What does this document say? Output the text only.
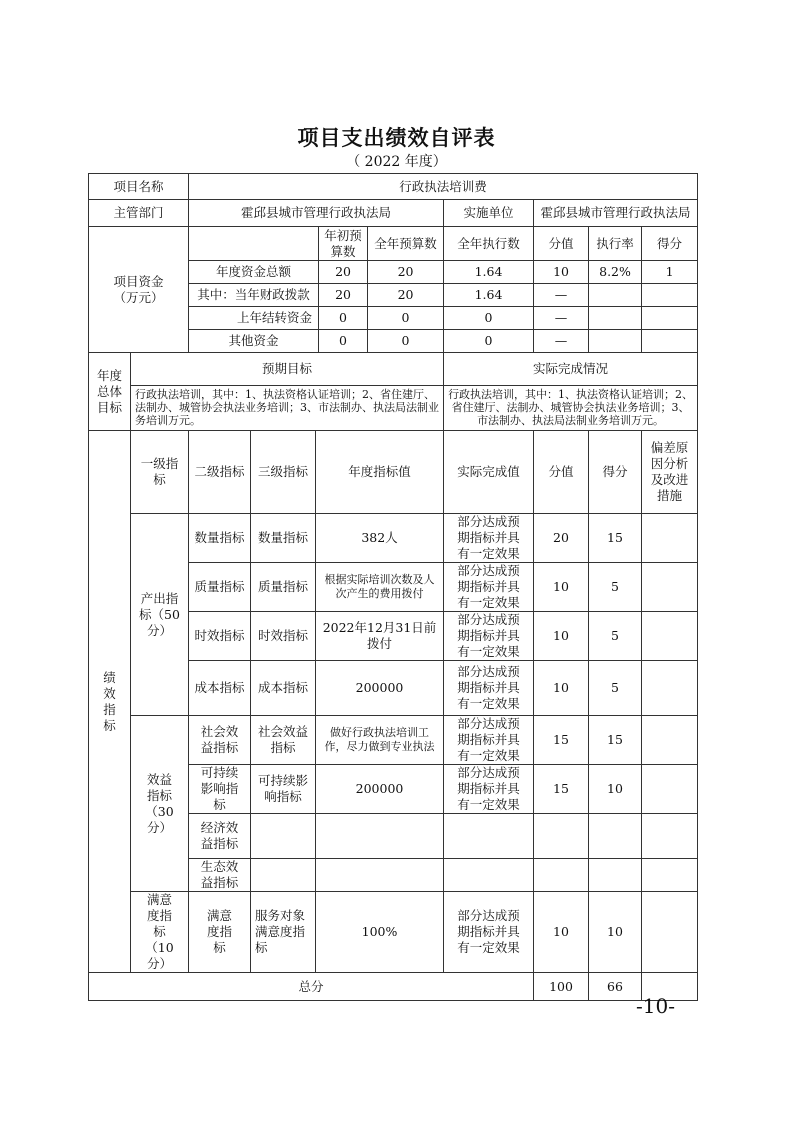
项目支出绩效自评表
（ 2022 年度）
项目名称		行政执法培训费						
主管部门		霍邱县城市管理行政执法局			实施单位	霍邱县城市管理行政执法局		
项目资金（万元）			年初预算数	全年预算数	全年执行数	分值	执行率	得分
		年度资金总额	20	20	1.64	10	8.2%	1
		其中：当年财政拨款	20	20	1.64	—		
		上年结转资金	0	0	0	—		
		其他资金	0	0	0	—		
年度总体目标	预期目标				实际完成情况			
	行政执法培训，其中：1、执法资格认证培训；2、省住建厅、法制办、城管协会执法业务培训；3、市法制办、执法局法制业务培训万元。				行政执法培训，其中：1、执法资格认证培训；2、省住建厅、法制办、城管协会执法业务培训；3、市法制办、执法局法制业务培训万元。			
绩效指标	一级指标	二级指标	三级指标	年度指标值	实际完成值	分值	得分	偏差原因分析及改进措施
	产出指标（50分）	数量指标	数量指标	382人	部分达成预期指标并具有一定效果	20	15	
		质量指标	质量指标	根据实际培训次数及人次产生的费用拨付	部分达成预期指标并具有一定效果	10	5	
		时效指标	时效指标	2022年12月31日前拨付	部分达成预期指标并具有一定效果	10	5	
		成本指标	成本指标	200000	部分达成预期指标并具有一定效果	10	5	
	效益指标（30分）	社会效益指标	社会效益指标	做好行政执法培训工作，尽力做到专业执法	部分达成预期指标并具有一定效果	15	15	
		可持续影响指标	可持续影响指标	200000	部分达成预期指标并具有一定效果	15	10	
		经济效益指标						
		生态效益指标						
	满意度指标（10分）	满意度指标	服务对象满意度指标	100%	部分达成预期指标并具有一定效果	10	10	
总分						100	66	
-10-
